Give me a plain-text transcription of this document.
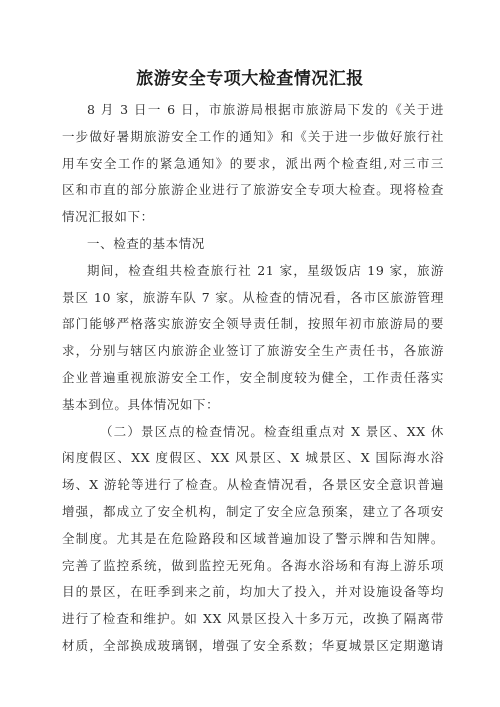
旅游安全专项大检查情况汇报
8 月 3 日一 6 日，市旅游局根据市旅游局下发的《关于进
一步做好暑期旅游安全工作的通知》和《关于进一步做好旅行社
用车安全工作的紧急通知》的要求，派出两个检查组,对三市三
区和市直的部分旅游企业进行了旅游安全专项大检查。现将检查
情况汇报如下：
一、检查的基本情况
期间，检查组共检查旅行社 21 家，星级饭店 19 家，旅游
景区 10 家，旅游车队 7 家。从检查的情况看，各市区旅游管理
部门能够严格落实旅游安全领导责任制，按照年初市旅游局的要
求，分别与辖区内旅游企业签订了旅游安全生产责任书，各旅游
企业普遍重视旅游安全工作，安全制度较为健全，工作责任落实
基本到位。具体情况如下：
（二）景区点的检查情况。检查组重点对 X 景区、XX 休
闲度假区、XX 度假区、XX 风景区、X 城景区、X 国际海水浴
场、X 游轮等进行了检查。从检查情况看，各景区安全意识普遍
增强，都成立了安全机构，制定了安全应急预案，建立了各项安
全制度。尤其是在危险路段和区域普遍加设了警示牌和告知牌。
完善了监控系统，做到监控无死角。各海水浴场和有海上游乐项
目的景区，在旺季到来之前，均加大了投入，并对设施设备等均
进行了检查和维护。如 XX 风景区投入十多万元，改换了隔离带
材质，全部换成玻璃钢，增强了安全系数；华夏城景区定期邀请
